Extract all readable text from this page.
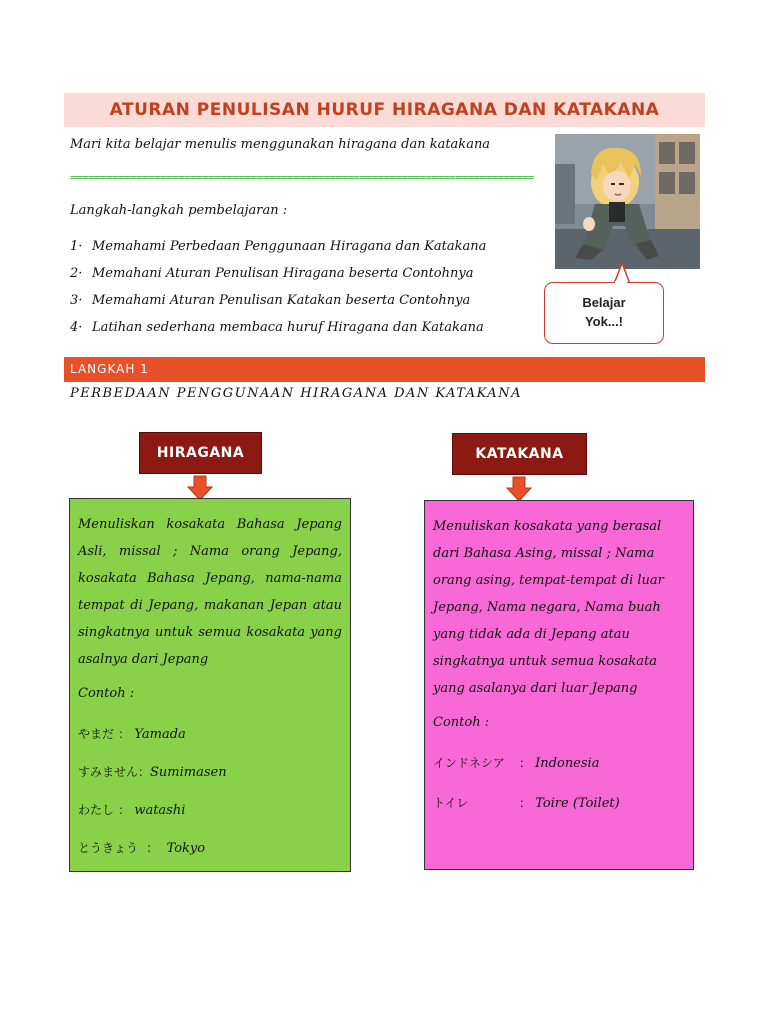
ATURAN PENULISAN HURUF HIRAGANA DAN KATAKANA
Mari kita belajar menulis menggunakan hiragana dan katakana
=============================================================================
Langkah-langkah pembelajaran :
1· Memahami Perbedaan Penggunaan Hiragana dan Katakana
2· Memahani Aturan Penulisan Hiragana beserta Contohnya
3· Memahami Aturan Penulisan Katakan beserta Contohnya
4· Latihan sederhana membaca huruf Hiragana dan Katakana
Belajar
Yok...!
LANGKAH 1
PERBEDAAN PENGGUNAAN HIRAGANA DAN KATAKANA
HIRAGANA	KATAKANA

Menuliskan kosakata Bahasa Jepang Asli, missal ; Nama orang Jepang, kosakata Bahasa Jepang, nama-nama tempat di Jepang, makanan Jepan atau singkatnya untuk semua kosakata yang asalnya dari Jepang

Contoh :

やまだ ： Yamada

すみません：Sumimasen

わたし ： watashi

とうきょう ： Tokyo

Menuliskan kosakata yang berasal dari Bahasa Asing, missal ; Nama orang asing, tempat-tempat di luar Jepang, Nama negara, Nama buah yang tidak ada di Jepang atau singkatnya untuk semua kosakata yang asalanya dari luar Jepang

Contoh :

インドネシア ： Indonesia

トイレ	： Toire (Toilet)
